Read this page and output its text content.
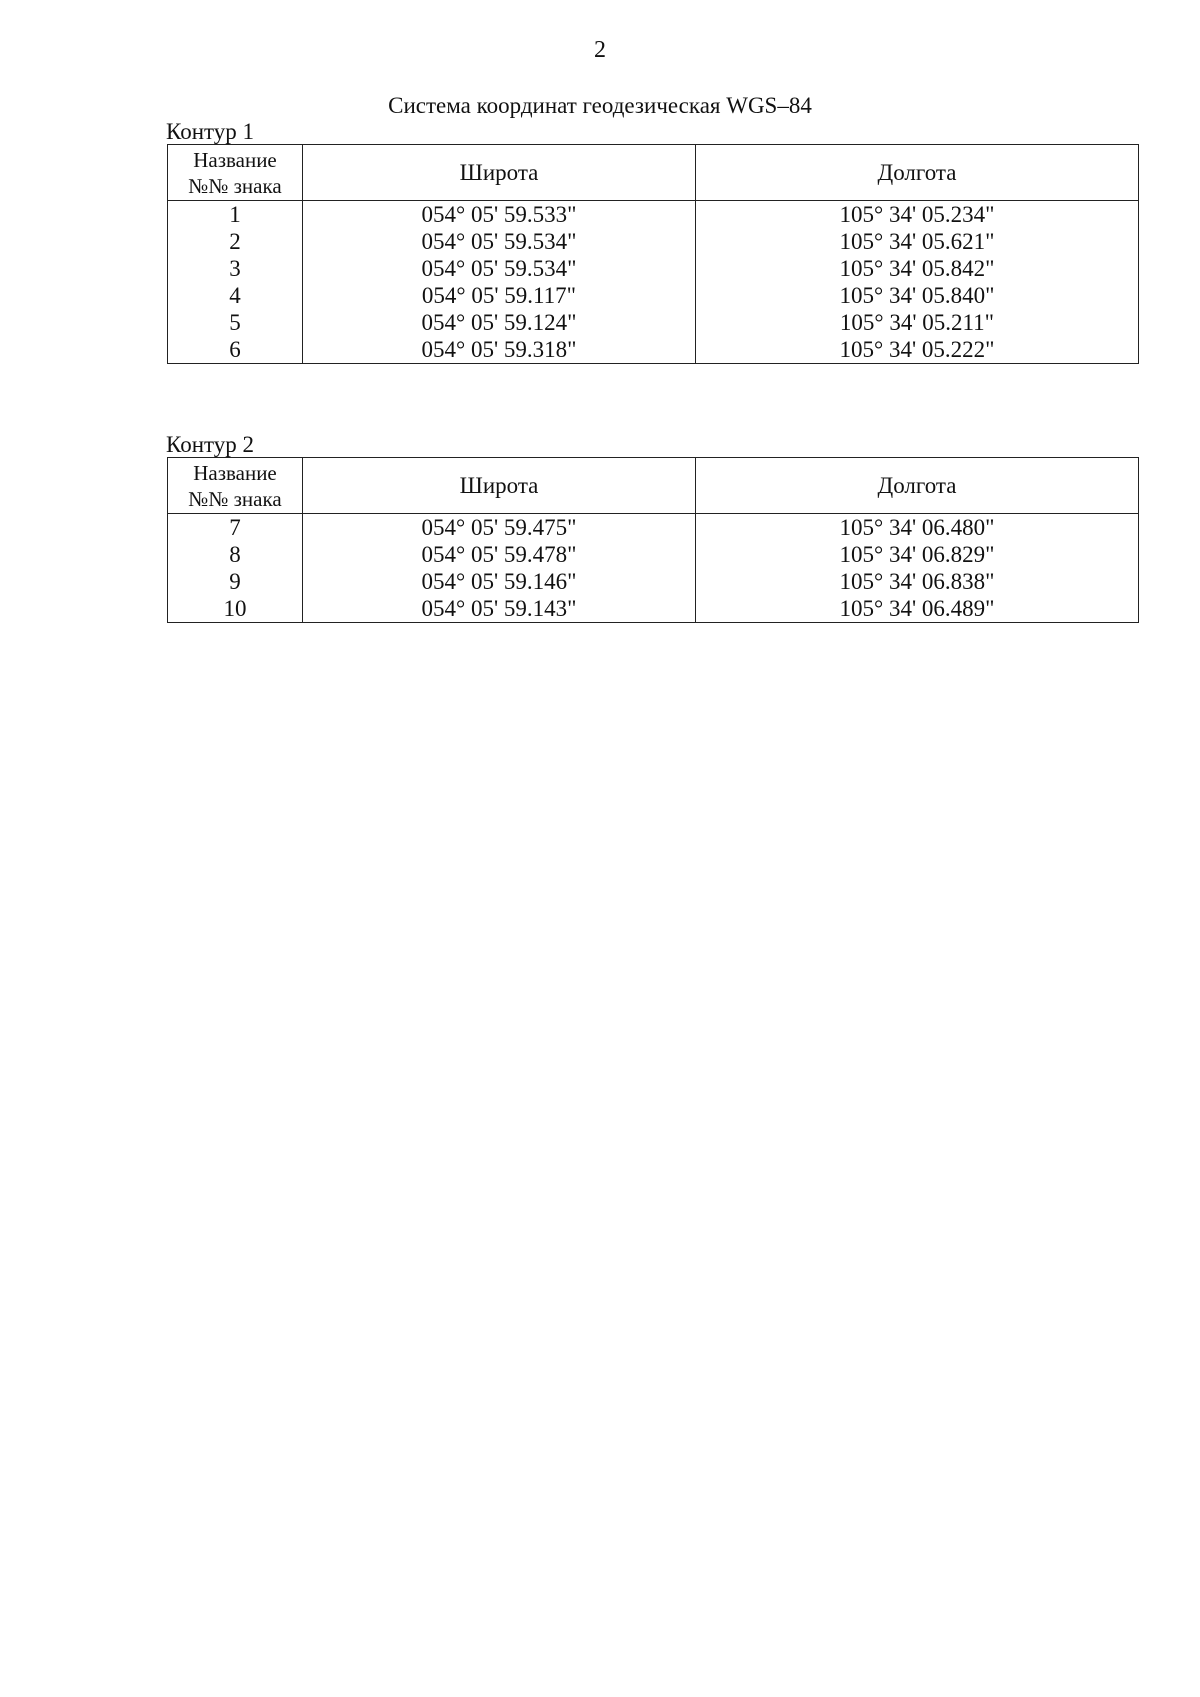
2
Система координат геодезическая WGS–84
Контур 1
Название
№№ знака	Широта	Долгота
1	054° 05' 59.533"	105° 34' 05.234"
2	054° 05' 59.534"	105° 34' 05.621"
3	054° 05' 59.534"	105° 34' 05.842"
4	054° 05' 59.117"	105° 34' 05.840"
5	054° 05' 59.124"	105° 34' 05.211"
6	054° 05' 59.318"	105° 34' 05.222"
Контур 2
Название
№№ знака	Широта	Долгота
7	054° 05' 59.475"	105° 34' 06.480"
8	054° 05' 59.478"	105° 34' 06.829"
9	054° 05' 59.146"	105° 34' 06.838"
10	054° 05' 59.143"	105° 34' 06.489"
